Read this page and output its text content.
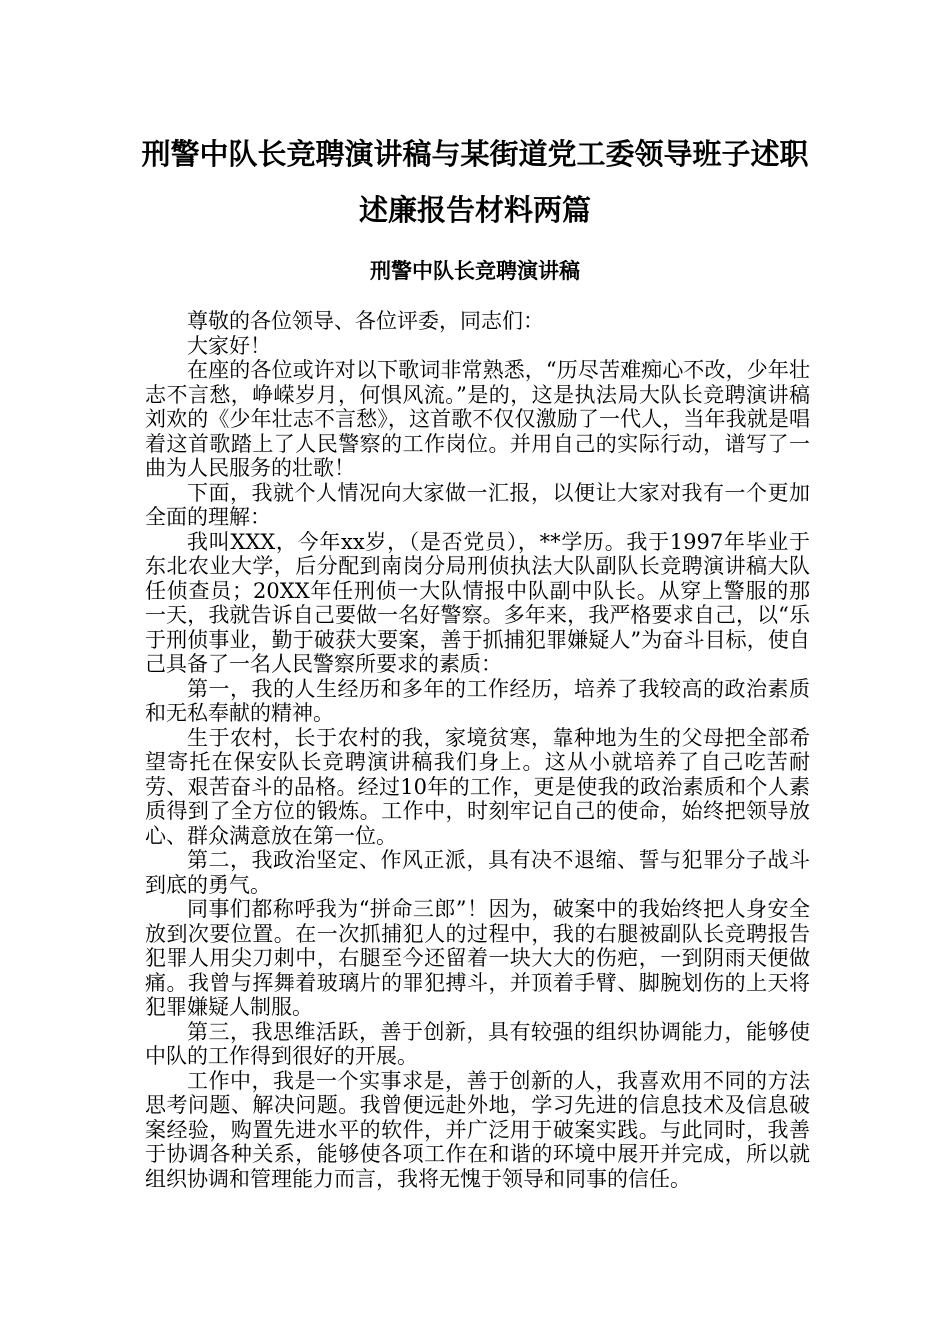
刑警中队长竞聘演讲稿与某街道党工委领导班子述职述廉报告材料两篇
刑警中队长竞聘演讲稿

尊敬的各位领导、各位评委，同志们：

大家好！

在座的各位或许对以下歌词非常熟悉，“历尽苦难痴心不改，少年壮志不言愁，峥嵘岁月，何惧风流。”是的，这是执法局大队长竞聘演讲稿刘欢的《少年壮志不言愁》，这首歌不仅仅激励了一代人，当年我就是唱着这首歌踏上了人民警察的工作岗位。并用自己的实际行动，谱写了一曲为人民服务的壮歌！

下面，我就个人情况向大家做一汇报，以便让大家对我有一个更加全面的理解：

我叫XXX，今年xx岁，（是否党员），**学历。我于1997年毕业于东北农业大学，后分配到南岗分局刑侦执法大队副队长竞聘演讲稿大队任侦查员；20XX年任刑侦一大队情报中队副中队长。从穿上警服的那一天，我就告诉自己要做一名好警察。多年来，我严格要求自己，以“乐于刑侦事业，勤于破获大要案，善于抓捕犯罪嫌疑人”为奋斗目标，使自己具备了一名人民警察所要求的素质：

第一，我的人生经历和多年的工作经历，培养了我较高的政治素质和无私奉献的精神。

生于农村，长于农村的我，家境贫寒，靠种地为生的父母把全部希望寄托在保安队长竞聘演讲稿我们身上。这从小就培养了自己吃苦耐劳、艰苦奋斗的品格。经过10年的工作，更是使我的政治素质和个人素质得到了全方位的锻炼。工作中，时刻牢记自己的使命，始终把领导放心、群众满意放在第一位。

第二，我政治坚定、作风正派，具有决不退缩、誓与犯罪分子战斗到底的勇气。

同事们都称呼我为“拼命三郎”！因为，破案中的我始终把人身安全放到次要位置。在一次抓捕犯人的过程中，我的右腿被副队长竞聘报告犯罪人用尖刀刺中，右腿至今还留着一块大大的伤疤，一到阴雨天便做痛。我曾与挥舞着玻璃片的罪犯搏斗，并顶着手臂、脚腕划伤的上天将犯罪嫌疑人制服。

第三，我思维活跃，善于创新，具有较强的组织协调能力，能够使中队的工作得到很好的开展。

工作中，我是一个实事求是，善于创新的人，我喜欢用不同的方法思考问题、解决问题。我曾便远赴外地，学习先进的信息技术及信息破案经验，购置先进水平的软件，并广泛用于破案实践。与此同时，我善于协调各种关系，能够使各项工作在和谐的环境中展开并完成，所以就组织协调和管理能力而言，我将无愧于领导和同事的信任。
